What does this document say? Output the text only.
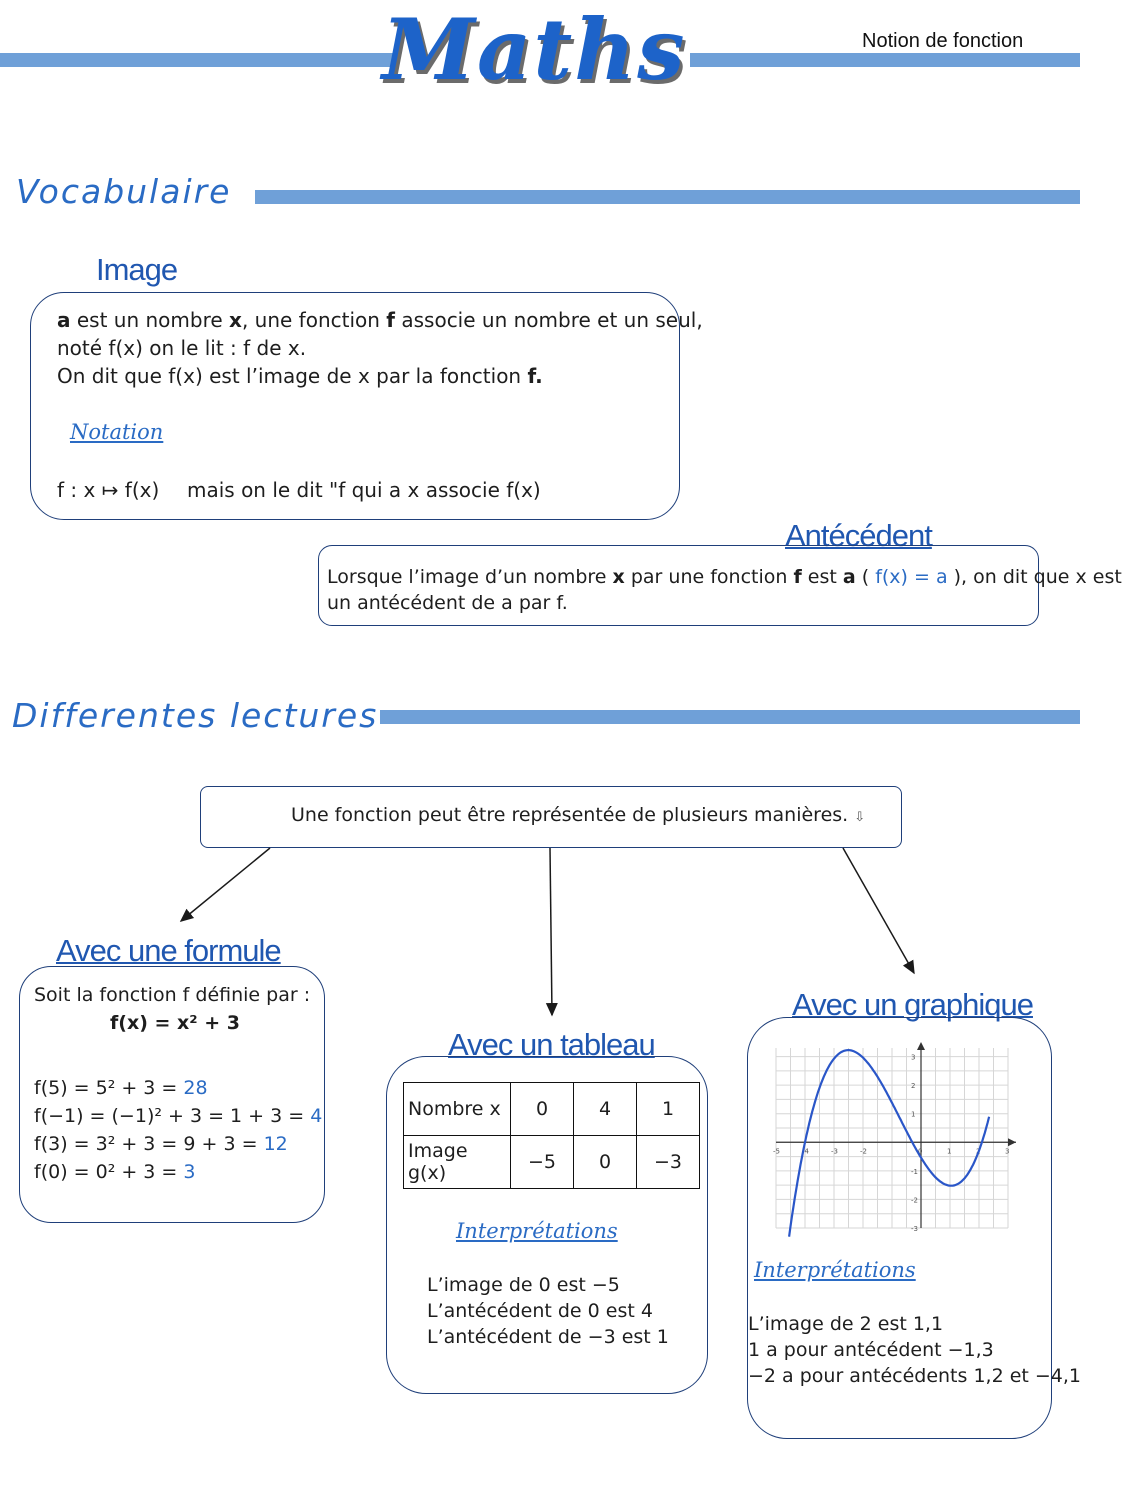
Maths	Notion de fonction
Vocabulaire
Image
a est un nombre x, une fonction f associe un nombre et un seul,
noté f(x) on le lit : f de x.
On dit que f(x) est l’image de x par la fonction f.
Notation
f : x ↦ f(x) mais on le dit "f qui a x associe f(x)
Antécédent
Lorsque l’image d’un nombre x par une fonction f est a ( f(x) = a ), on dit que x est
un antécédent de a par f.
Differentes lectures
Une fonction peut être représentée de plusieurs manières. ⇩
Avec une formule
Soit la fonction f définie par :
f(x) = x² + 3
f(5) = 5² + 3 = 28
f(−1) = (−1)² + 3 = 1 + 3 = 4
f(3) = 3² + 3 = 9 + 3 = 12
f(0) = 0² + 3 = 3
Avec un tableau
Nombre x	0	4	1
Image g(x)	−5	0	−3
Interprétations
L’image de 0 est −5
L’antécédent de 0 est 4
L’antécédent de −3 est 1
Avec un graphique
-5	-4	-3	-2	0	1	2	3
3
2
1
-1
-2
-3
Interprétations
L’image de 2 est 1,1
1 a pour antécédent −1,3
−2 a pour antécédents 1,2 et −4,1
